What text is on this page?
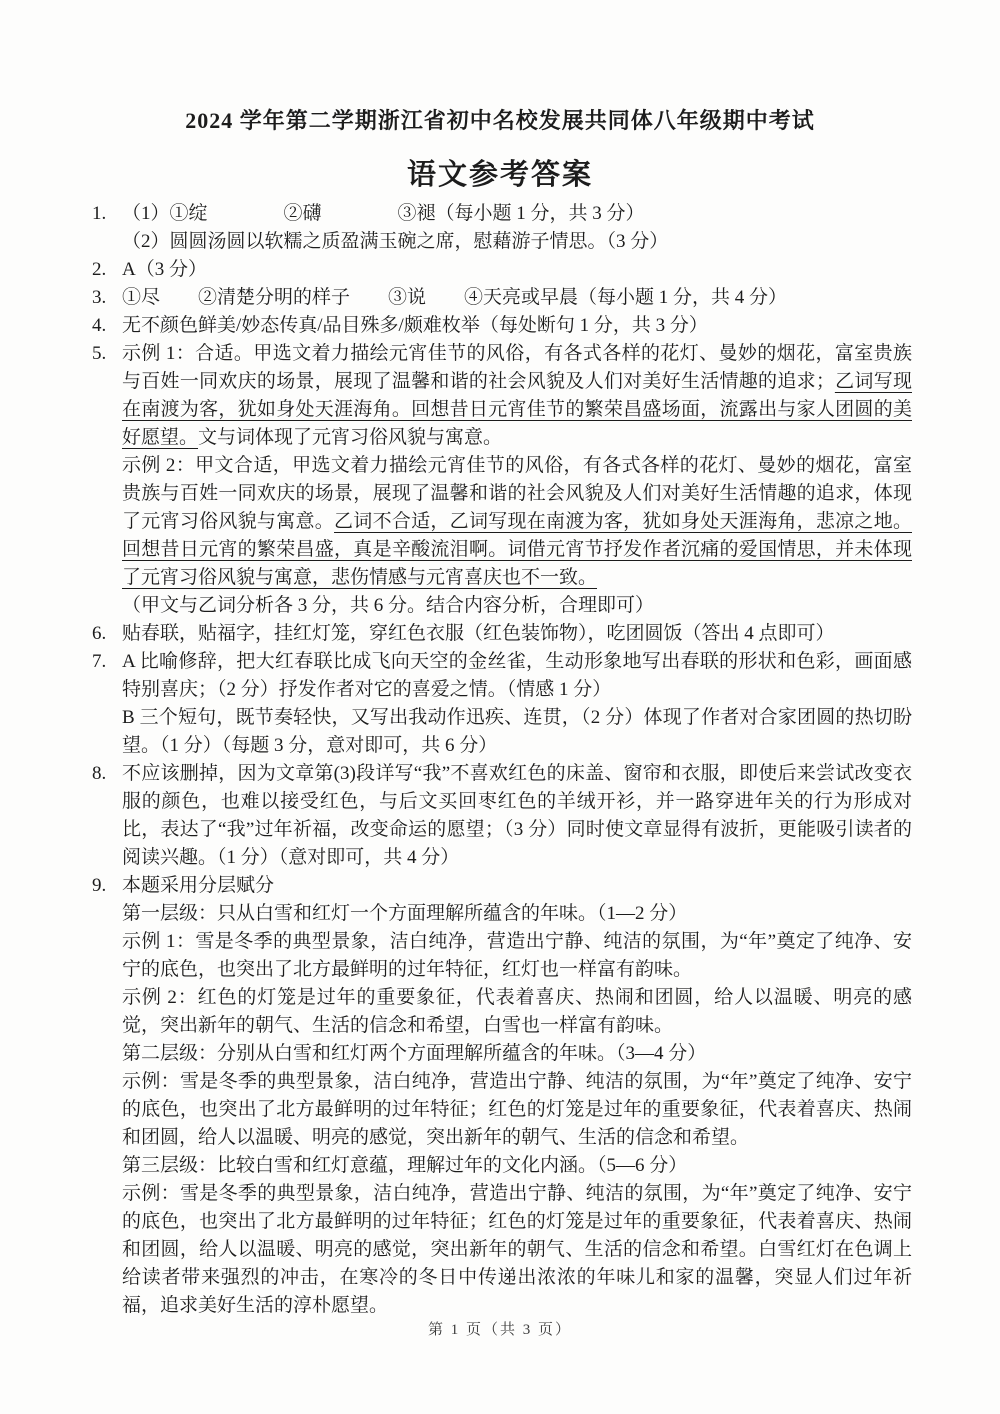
2024 学年第二学期浙江省初中名校发展共同体八年级期中考试
语文参考答案
1. （1）①绽　　　　②礴　　　　③褪（每小题 1 分，共 3 分）
（2）圆圆汤圆以软糯之质盈满玉碗之席，慰藉游子情思。（3 分）
2. A（3 分）
3. ①尽　　②清楚分明的样子　　③说　　④天亮或早晨（每小题 1 分，共 4 分）
4. 无不颜色鲜美/妙态传真/品目殊多/颇难枚举（每处断句 1 分，共 3 分）
5. 示例 1：合适。甲选文着力描绘元宵佳节的风俗，有各式各样的花灯、曼妙的烟花，富室贵族与百姓一同欢庆的场景，展现了温馨和谐的社会风貌及人们对美好生活情趣的追求；乙词写现在南渡为客，犹如身处天涯海角。回想昔日元宵佳节的繁荣昌盛场面，流露出与家人团圆的美好愿望。文与词体现了元宵习俗风貌与寓意。
示例 2：甲文合适，甲选文着力描绘元宵佳节的风俗，有各式各样的花灯、曼妙的烟花，富室贵族与百姓一同欢庆的场景，展现了温馨和谐的社会风貌及人们对美好生活情趣的追求，体现了元宵习俗风貌与寓意。乙词不合适，乙词写现在南渡为客，犹如身处天涯海角，悲凉之地。回想昔日元宵的繁荣昌盛，真是辛酸流泪啊。词借元宵节抒发作者沉痛的爱国情思，并未体现了元宵习俗风貌与寓意，悲伤情感与元宵喜庆也不一致。
（甲文与乙词分析各 3 分，共 6 分。结合内容分析，合理即可）
6. 贴春联，贴福字，挂红灯笼，穿红色衣服（红色装饰物），吃团圆饭（答出 4 点即可）
7. A 比喻修辞，把大红春联比成飞向天空的金丝雀，生动形象地写出春联的形状和色彩，画面感特别喜庆；（2 分）抒发作者对它的喜爱之情。（情感 1 分）
B 三个短句，既节奏轻快，又写出我动作迅疾、连贯，（2 分）体现了作者对合家团圆的热切盼望。（1 分）（每题 3 分，意对即可，共 6 分）
8. 不应该删掉，因为文章第(3)段详写“我”不喜欢红色的床盖、窗帘和衣服，即使后来尝试改变衣服的颜色，也难以接受红色，与后文买回枣红色的羊绒开衫，并一路穿进年关的行为形成对比，表达了“我”过年祈福，改变命运的愿望；（3 分）同时使文章显得有波折，更能吸引读者的阅读兴趣。（1 分）（意对即可，共 4 分）
9. 本题采用分层赋分
第一层级：只从白雪和红灯一个方面理解所蕴含的年味。（1—2 分）
示例 1：雪是冬季的典型景象，洁白纯净，营造出宁静、纯洁的氛围，为“年”奠定了纯净、安宁的底色，也突出了北方最鲜明的过年特征，红灯也一样富有韵味。
示例 2：红色的灯笼是过年的重要象征，代表着喜庆、热闹和团圆，给人以温暖、明亮的感觉，突出新年的朝气、生活的信念和希望，白雪也一样富有韵味。
第二层级：分别从白雪和红灯两个方面理解所蕴含的年味。（3—4 分）
示例：雪是冬季的典型景象，洁白纯净，营造出宁静、纯洁的氛围，为“年”奠定了纯净、安宁的底色，也突出了北方最鲜明的过年特征；红色的灯笼是过年的重要象征，代表着喜庆、热闹和团圆，给人以温暖、明亮的感觉，突出新年的朝气、生活的信念和希望。
第三层级：比较白雪和红灯意蕴，理解过年的文化内涵。（5—6 分）
示例：雪是冬季的典型景象，洁白纯净，营造出宁静、纯洁的氛围，为“年”奠定了纯净、安宁的底色，也突出了北方最鲜明的过年特征；红色的灯笼是过年的重要象征，代表着喜庆、热闹和团圆，给人以温暖、明亮的感觉，突出新年的朝气、生活的信念和希望。白雪红灯在色调上给读者带来强烈的冲击，在寒冷的冬日中传递出浓浓的年味儿和家的温馨，突显人们过年祈福，追求美好生活的淳朴愿望。
第 1 页（共 3 页）
